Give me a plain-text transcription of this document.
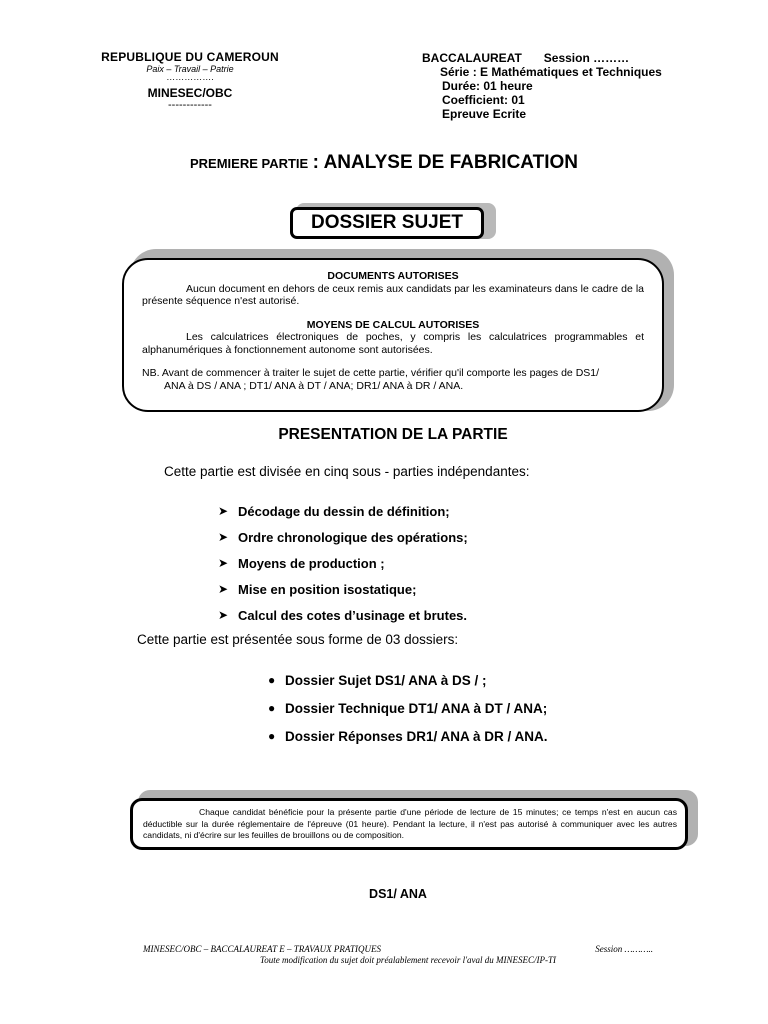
REPUBLIQUE DU CAMEROUN
Paix – Travail – Patrie
…………….
MINESEC/OBC
------------
BACCALAUREAT Session ………
Série : E Mathématiques et Techniques
Durée: 01 heure
Coefficient: 01
Epreuve Ecrite
PREMIERE PARTIE : ANALYSE DE FABRICATION
DOSSIER SUJET
DOCUMENTS AUTORISES

Aucun document en dehors de ceux remis aux candidats par les examinateurs dans le cadre de la présente séquence n'est autorisé.

MOYENS DE CALCUL AUTORISES

Les calculatrices électroniques de poches, y compris les calculatrices programmables et alphanumériques à fonctionnement autonome sont autorisées.

NB. Avant de commencer à traiter le sujet de cette partie, vérifier qu'il comporte les pages de DS1/

ANA à DS / ANA ; DT1/ ANA à DT / ANA; DR1/ ANA à DR / ANA.

PRESENTATION DE LA PARTIE
Cette partie est divisée en cinq sous - parties indépendantes:
➤ Décodage du dessin de définition;
➤ Ordre chronologique des opérations;
➤ Moyens de production ;
➤ Mise en position isostatique;
➤ Calcul des cotes d’usinage et brutes.
Cette partie est présentée sous forme de 03 dossiers:
● Dossier Sujet DS1/ ANA à DS / ;
● Dossier Technique DT1/ ANA à DT / ANA;
● Dossier Réponses DR1/ ANA à DR / ANA.

Chaque candidat bénéficie pour la présente partie d'une période de lecture de 15 minutes; ce temps n'est en aucun cas déductible sur la durée réglementaire de l'épreuve (01 heure). Pendant la lecture, il n'est pas autorisé à communiquer avec les autres candidats, ni d'écrire sur les feuilles de brouillons ou de composition.

DS1/ ANA
MINESEC/OBC – BACCALAUREAT E – TRAVAUX PRATIQUES	Session ………..
Toute modification du sujet doit préalablement recevoir l'aval du MINESEC/IP-TI
